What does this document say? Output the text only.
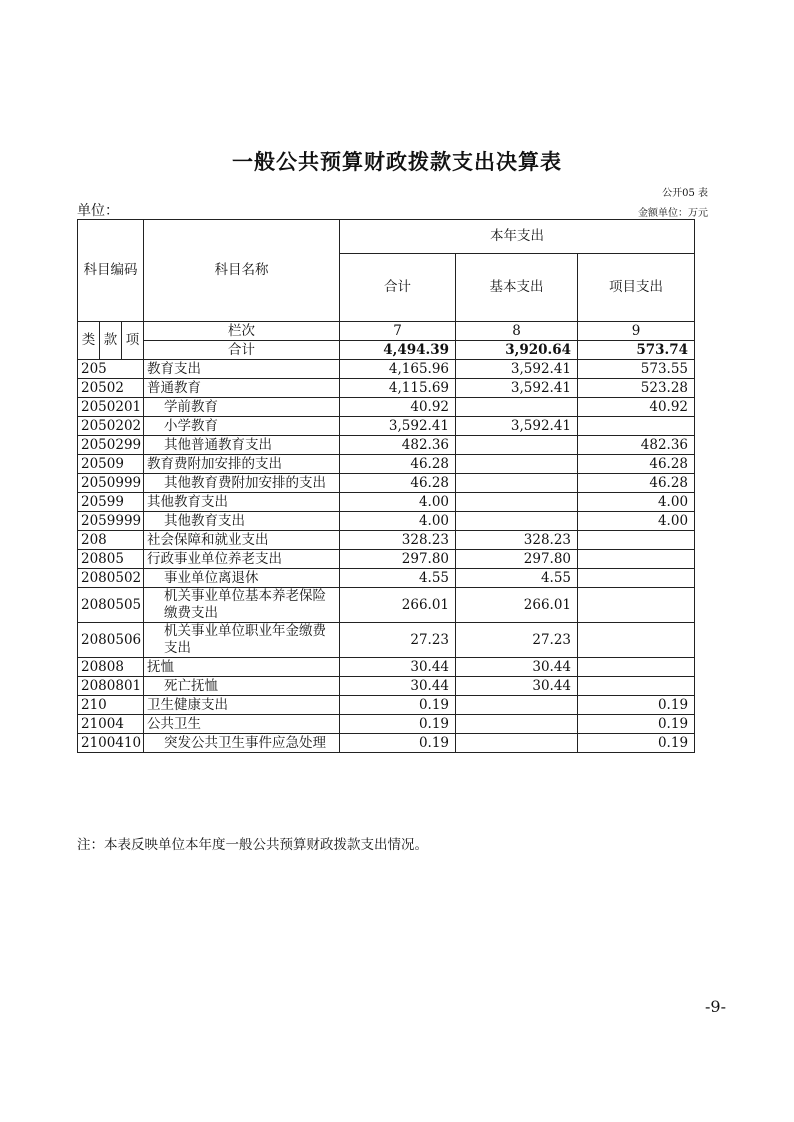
一般公共预算财政拨款支出决算表
公开05 表
单位：	金额单位：万元
科目编码			科目名称	本年支出		
				合计	基本支出	项目支出
类	款	项	栏次	7	8	9
			合计	4,494.39	3,920.64	573.74
205			教育支出	4,165.96	3,592.41	573.55
20502			普通教育	4,115.69	3,592.41	523.28
2050201			学前教育	40.92		40.92
2050202			小学教育	3,592.41	3,592.41	
2050299			其他普通教育支出	482.36		482.36
20509			教育费附加安排的支出	46.28		46.28
2050999			其他教育费附加安排的支出	46.28		46.28
20599			其他教育支出	4.00		4.00
2059999			其他教育支出	4.00		4.00
208			社会保障和就业支出	328.23	328.23	
20805			行政事业单位养老支出	297.80	297.80	
2080502			事业单位离退休	4.55	4.55	
2080505			机关事业单位基本养老保险缴费支出	266.01	266.01	
2080506			机关事业单位职业年金缴费支出	27.23	27.23	
20808			抚恤	30.44	30.44	
2080801			死亡抚恤	30.44	30.44	
210			卫生健康支出	0.19		0.19
21004			公共卫生	0.19		0.19
2100410			突发公共卫生事件应急处理	0.19		0.19
注：本表反映单位本年度一般公共预算财政拨款支出情况。
-9-
